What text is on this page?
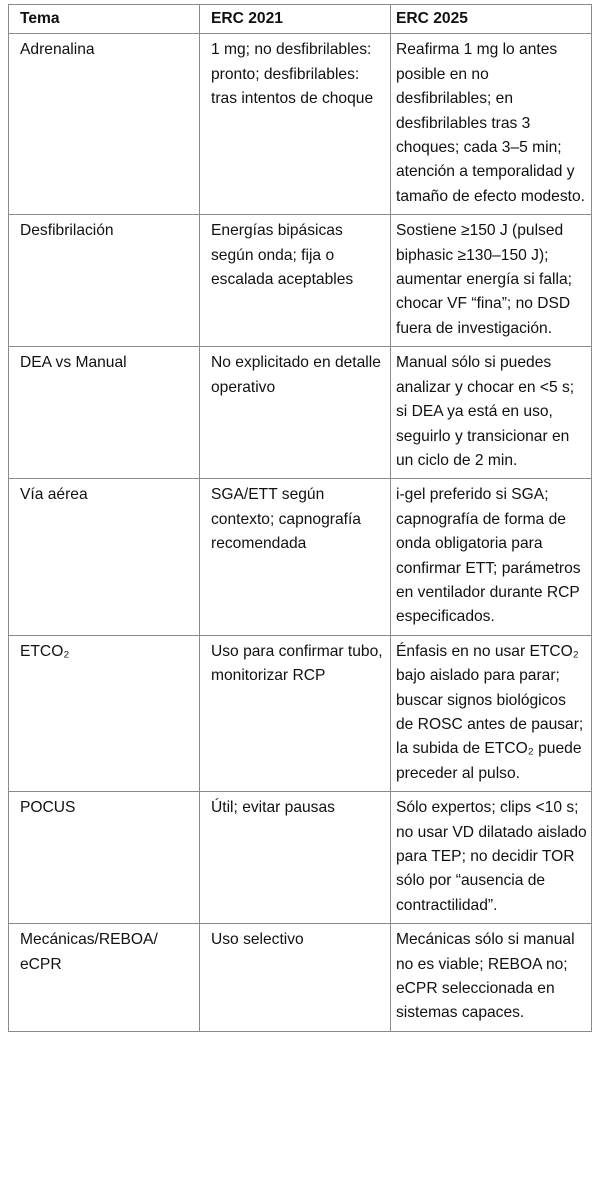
Tema	ERC 2021	ERC 2025
Adrenalina	1 mg; no desfibrilables: pronto; desfibrilables: tras intentos de choque	Reafirma 1 mg lo antes posible en no desfibrilables; en desfibrilables tras 3 choques; cada 3–5 min; atención a temporalidad y tamaño de efecto modesto.
Desfibrilación	Energías bipásicas según onda; fija o escalada aceptables	Sostiene ≥150 J (pulsed biphasic ≥130–150 J); aumentar energía si falla; chocar VF “fina”; no DSD fuera de investigación.
DEA vs Manual	No explicitado en detalle operativo	Manual sólo si puedes analizar y chocar en <5 s; si DEA ya está en uso, seguirlo y transicionar en un ciclo de 2 min.
Vía aérea	SGA/ETT según contexto; capnografía recomendada	i-gel preferido si SGA; capnografía de forma de onda obligatoria para confirmar ETT; parámetros en ventilador durante RCP especificados.
ETCO₂	Uso para confirmar tubo, monitorizar RCP	Énfasis en no usar ETCO₂ bajo aislado para parar; buscar signos biológicos de ROSC antes de pausar; la subida de ETCO₂ puede preceder al pulso.
POCUS	Útil; evitar pausas	Sólo expertos; clips <10 s; no usar VD dilatado aislado para TEP; no decidir TOR sólo por “ausencia de contractilidad”.
Mecánicas/REBOA/ eCPR	Uso selectivo	Mecánicas sólo si manual no es viable; REBOA no; eCPR seleccionada en sistemas capaces.
